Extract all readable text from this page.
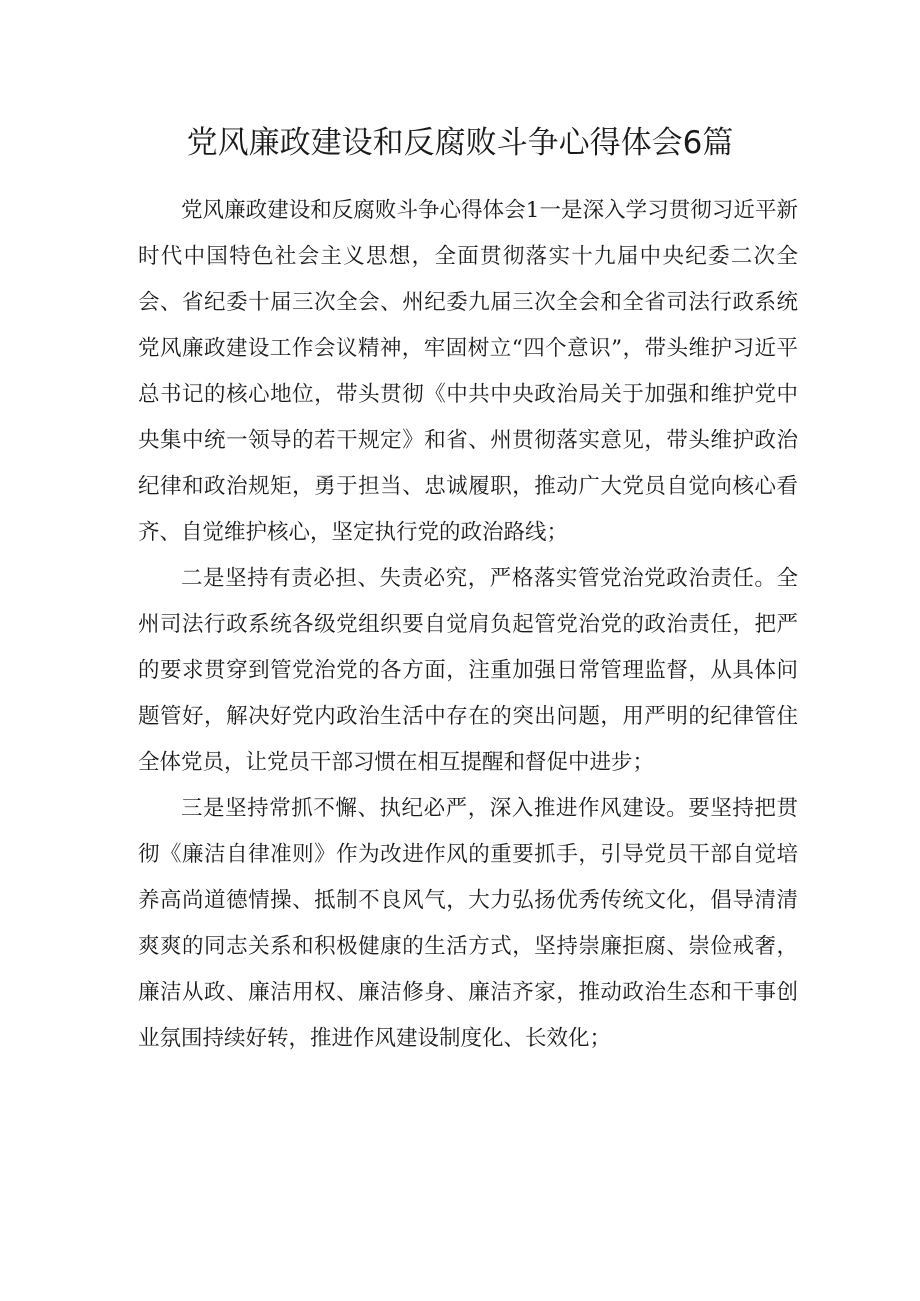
党风廉政建设和反腐败斗争心得体会6篇

党风廉政建设和反腐败斗争心得体会1一是深入学习贯彻习近平新时代中国特色社会主义思想，全面贯彻落实十九届中央纪委二次全会、省纪委十届三次全会、州纪委九届三次全会和全省司法行政系统党风廉政建设工作会议精神，牢固树立“四个意识”，带头维护习近平总书记的核心地位，带头贯彻《中共中央政治局关于加强和维护党中央集中统一领导的若干规定》和省、州贯彻落实意见，带头维护政治纪律和政治规矩，勇于担当、忠诚履职，推动广大党员自觉向核心看齐、自觉维护核心，坚定执行党的政治路线；

二是坚持有责必担、失责必究，严格落实管党治党政治责任。全州司法行政系统各级党组织要自觉肩负起管党治党的政治责任，把严的要求贯穿到管党治党的各方面，注重加强日常管理监督，从具体问题管好，解决好党内政治生活中存在的突出问题，用严明的纪律管住全体党员，让党员干部习惯在相互提醒和督促中进步；

三是坚持常抓不懈、执纪必严，深入推进作风建设。要坚持把贯彻《廉洁自律准则》作为改进作风的重要抓手，引导党员干部自觉培养高尚道德情操、抵制不良风气，大力弘扬优秀传统文化，倡导清清爽爽的同志关系和积极健康的生活方式，坚持崇廉拒腐、崇俭戒奢，廉洁从政、廉洁用权、廉洁修身、廉洁齐家，推动政治生态和干事创业氛围持续好转，推进作风建设制度化、长效化；
